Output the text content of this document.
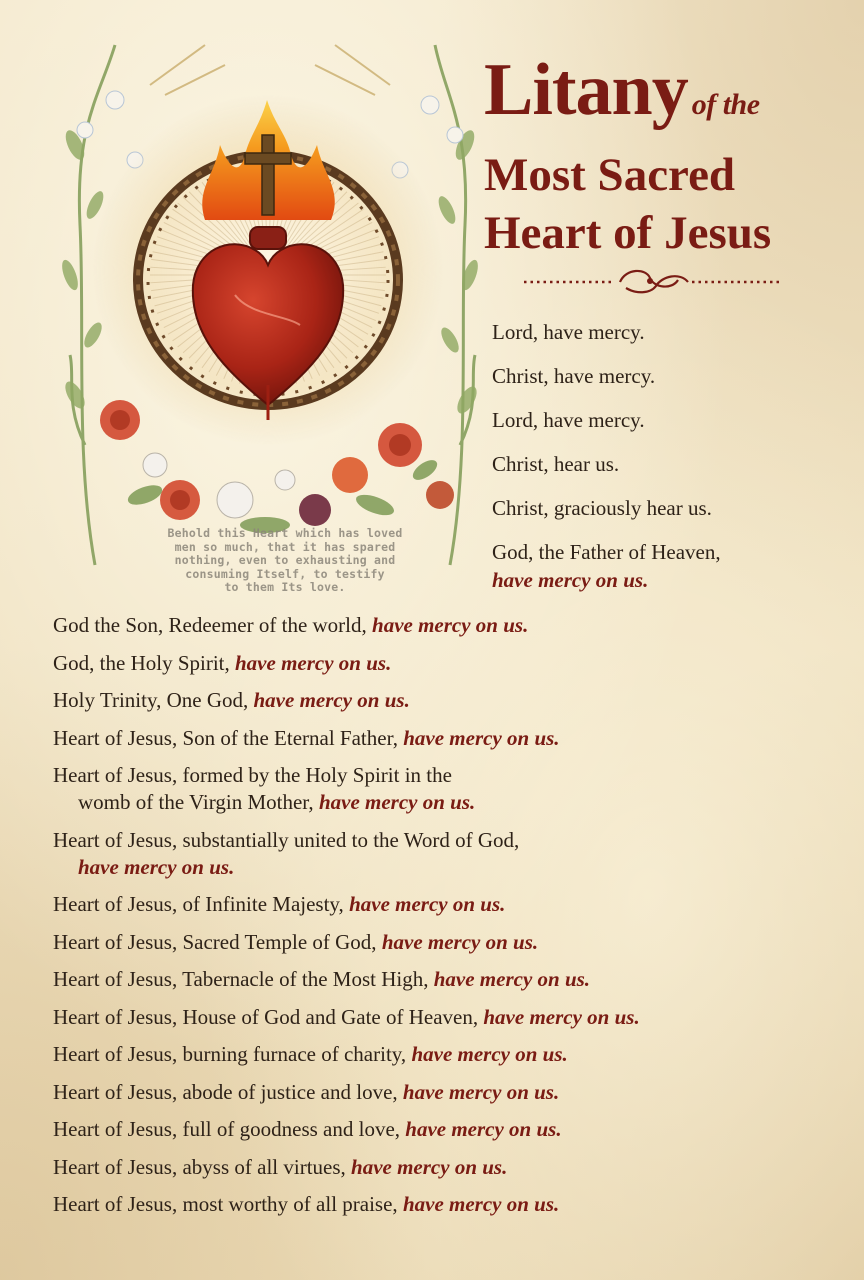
Behold this Heart which has loved
men so much, that it has spared
nothing, even to exhausting and
consuming Itself, to testify
to them Its love.
Litany of the
Most Sacred
Heart of Jesus
Lord, have mercy.
Christ, have mercy.
Lord, have mercy.
Christ, hear us.
Christ, graciously hear us.
God, the Father of Heaven,
have mercy on us.
God the Son, Redeemer of the world, have mercy on us.
God, the Holy Spirit, have mercy on us.
Holy Trinity, One God, have mercy on us.
Heart of Jesus, Son of the Eternal Father, have mercy on us.
Heart of Jesus, formed by the Holy Spirit in the
womb of the Virgin Mother, have mercy on us.
Heart of Jesus, substantially united to the Word of God,
have mercy on us.
Heart of Jesus, of Infinite Majesty, have mercy on us.
Heart of Jesus, Sacred Temple of God, have mercy on us.
Heart of Jesus, Tabernacle of the Most High, have mercy on us.
Heart of Jesus, House of God and Gate of Heaven, have mercy on us.
Heart of Jesus, burning furnace of charity, have mercy on us.
Heart of Jesus, abode of justice and love, have mercy on us.
Heart of Jesus, full of goodness and love, have mercy on us.
Heart of Jesus, abyss of all virtues, have mercy on us.
Heart of Jesus, most worthy of all praise, have mercy on us.
